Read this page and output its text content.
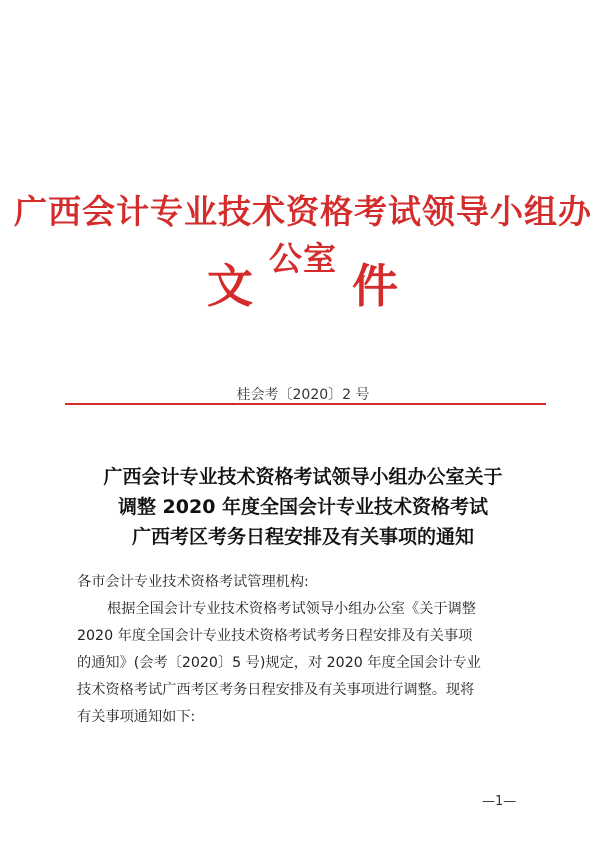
广西会计专业技术资格考试领导小组办公室
文 件
桂会考〔2020〕2 号
广西会计专业技术资格考试领导小组办公室关于
调整 2020 年度全国会计专业技术资格考试
广西考区考务日程安排及有关事项的通知
各市会计专业技术资格考试管理机构:
根据全国会计专业技术资格考试领导小组办公室《关于调整
2020 年度全国会计专业技术资格考试考务日程安排及有关事项
的通知》(会考〔2020〕5 号)规定，对 2020 年度全国会计专业
技术资格考试广西考区考务日程安排及有关事项进行调整。现将
有关事项通知如下:
—1—
